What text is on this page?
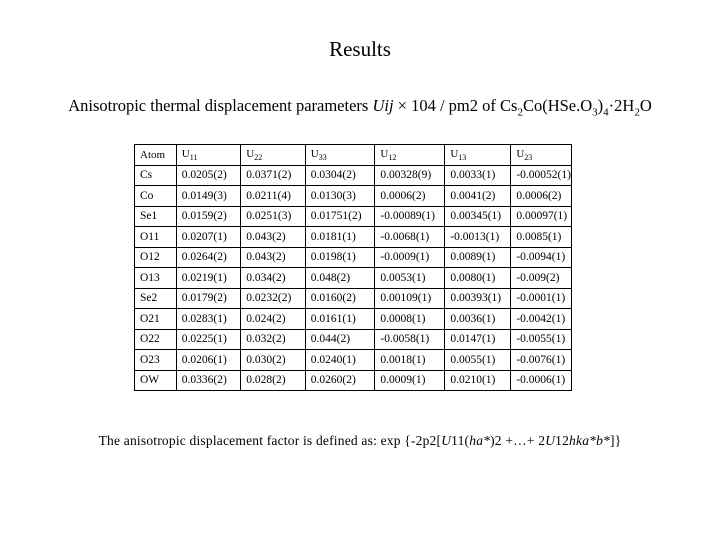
Results
Anisotropic thermal displacement parameters Uij × 104 / pm2 of $Cs_2Co(HSe.O_3)_4\cdot 2H_2O$
Atom	$U_{11}$	$U_{22}$	$U_{33}$	$U_{12}$	$U_{13}$	$U_{23}$
Cs	0.0205(2)	0.0371(2)	0.0304(2)	0.00328(9)	0.0033(1)	-0.00052(1)
Co	0.0149(3)	0.0211(4)	0.0130(3)	0.0006(2)	0.0041(2)	0.0006(2)
Se1	0.0159(2)	0.0251(3)	0.01751(2)	-0.00089(1)	0.00345(1)	0.00097(1)
O11	0.0207(1)	0.043(2)	0.0181(1)	-0.0068(1)	-0.0013(1)	0.0085(1)
O12	0.0264(2)	0.043(2)	0.0198(1)	-0.0009(1)	0.0089(1)	-0.0094(1)
O13	0.0219(1)	0.034(2)	0.048(2)	0.0053(1)	0.0080(1)	-0.009(2)
Se2	0.0179(2)	0.0232(2)	0.0160(2)	0.00109(1)	0.00393(1)	-0.0001(1)
O21	0.0283(1)	0.024(2)	0.0161(1)	0.0008(1)	0.0036(1)	-0.0042(1)
O22	0.0225(1)	0.032(2)	0.044(2)	-0.0058(1)	0.0147(1)	-0.0055(1)
O23	0.0206(1)	0.030(2)	0.0240(1)	0.0018(1)	0.0055(1)	-0.0076(1)
OW	0.0336(2)	0.028(2)	0.0260(2)	0.0009(1)	0.0210(1)	-0.0006(1)
The anisotropic displacement factor is defined as: exp {-2p2[U11(ha*)2 +…+ 2U12hka*b*]}
